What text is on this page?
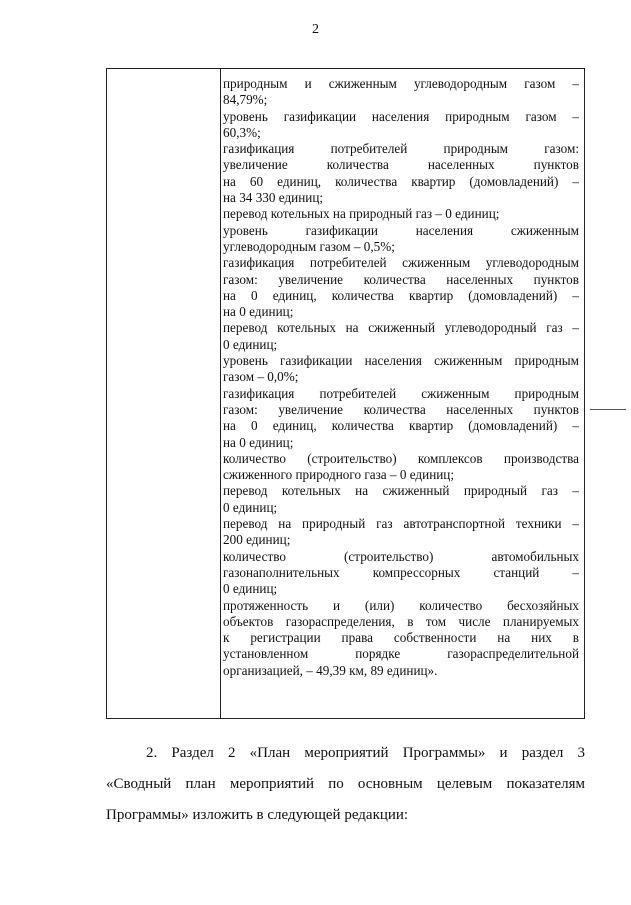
2
природным и сжиженным углеводородным газом –
84,79%;
уровень газификации населения природным газом –
60,3%;
газификация потребителей природным газом:
увеличение количества населенных пунктов
на 60 единиц, количества квартир (домовладений) –
на 34 330 единиц;
перевод котельных на природный газ – 0 единиц;
уровень газификации населения сжиженным
углеводородным газом – 0,5%;
газификация потребителей сжиженным углеводородным
газом: увеличение количества населенных пунктов
на 0 единиц, количества квартир (домовладений) –
на 0 единиц;
перевод котельных на сжиженный углеводородный газ –
0 единиц;
уровень газификации населения сжиженным природным
газом – 0,0%;
газификация потребителей сжиженным природным
газом: увеличение количества населенных пунктов
на 0 единиц, количества квартир (домовладений) –
на 0 единиц;
количество (строительство) комплексов производства
сжиженного природного газа – 0 единиц;
перевод котельных на сжиженный природный газ –
0 единиц;
перевод на природный газ автотранспортной техники –
200 единиц;
количество (строительство) автомобильных
газонаполнительных компрессорных станций –
0 единиц;
протяженность и (или) количество бесхозяйных
объектов газораспределения, в том числе планируемых
к регистрации права собственности на них в
установленном порядке газораспределительной
организацией, – 49,39 км, 89 единиц».
2. Раздел 2 «План мероприятий Программы» и раздел 3
«Сводный план мероприятий по основным целевым показателям
Программы» изложить в следующей редакции:
